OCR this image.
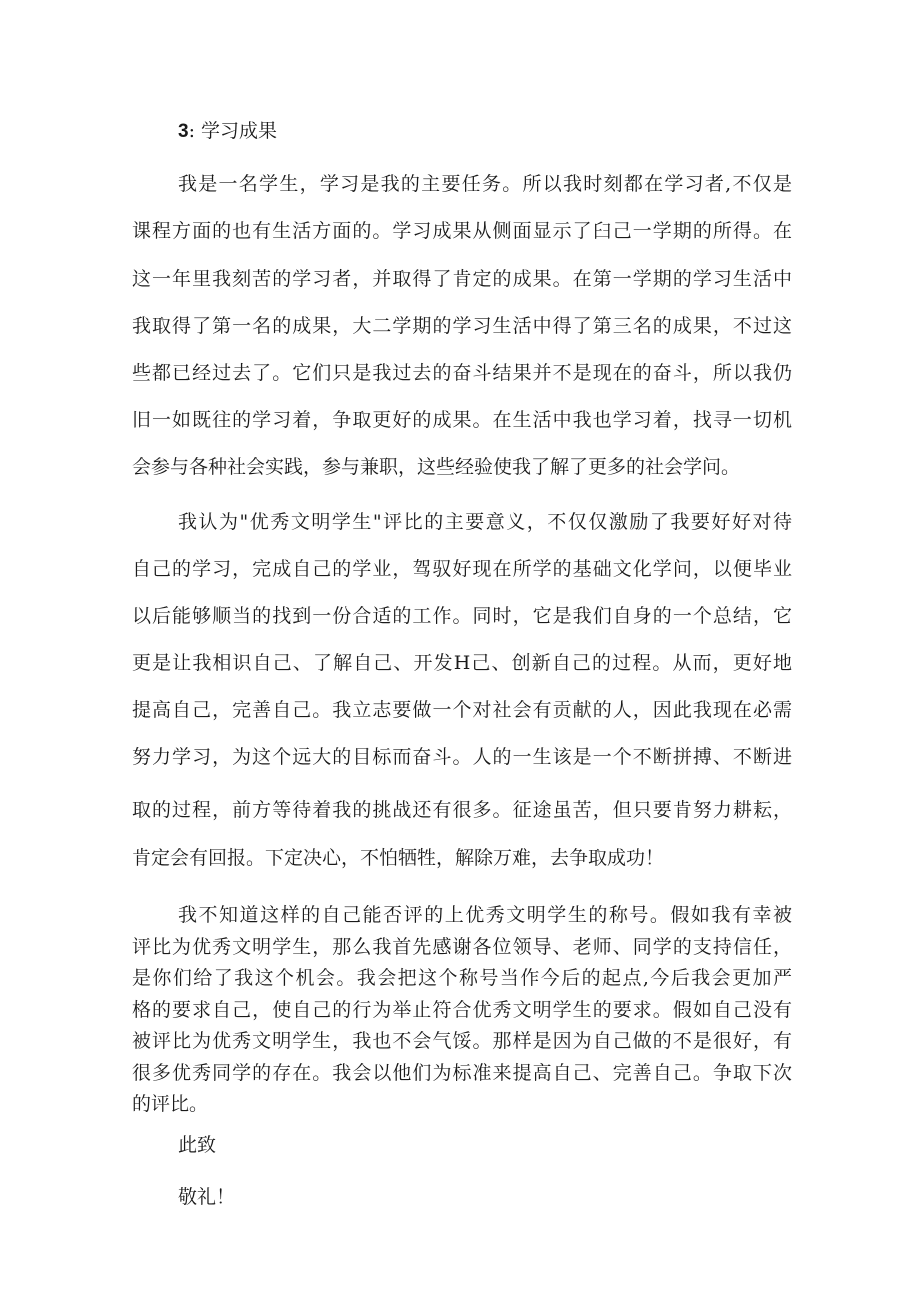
3: 学习成果
我是一名学生，学习是我的主要任务。所以我时刻都在学习者,不仅是
课程方面的也有生活方面的。学习成果从侧面显示了臼己一学期的所得。在
这一年里我刻苦的学习者，并取得了肯定的成果。在第一学期的学习生活中
我取得了第一名的成果，大二学期的学习生活中得了第三名的成果，不过这
些都已经过去了。它们只是我过去的奋斗结果并不是现在的奋斗，所以我仍
旧一如既往的学习着，争取更好的成果。在生活中我也学习着，找寻一切机
会参与各种社会实践，参与兼职，这些经验使我了解了更多的社会学问。
我认为"优秀文明学生"评比的主要意义，不仅仅激励了我要好好对待
自己的学习，完成自己的学业，驾驭好现在所学的基础文化学问，以便毕业
以后能够顺当的找到一份合适的工作。同时，它是我们自身的一个总结，它
更是让我相识自己、了解自己、开发H己、创新自己的过程。从而，更好地
提高自己，完善自己。我立志要做一个对社会有贡献的人，因此我现在必需
努力学习，为这个远大的目标而奋斗。人的一生该是一个不断拼搏、不断进
取的过程，前方等待着我的挑战还有很多。征途虽苦，但只要肯努力耕耘，
肯定会有回报。下定决心，不怕牺牲，解除万难，去争取成功！
我不知道这样的自己能否评的上优秀文明学生的称号。假如我有幸被
评比为优秀文明学生，那么我首先感谢各位领导、老师、同学的支持信任，
是你们给了我这个机会。我会把这个称号当作今后的起点,今后我会更加严
格的要求自己，使自己的行为举止符合优秀文明学生的要求。假如自己没有
被评比为优秀文明学生，我也不会气馁。那样是因为自己做的不是很好，有
很多优秀同学的存在。我会以他们为标准来提高自己、完善自己。争取下次
的评比。
此致
敬礼！
